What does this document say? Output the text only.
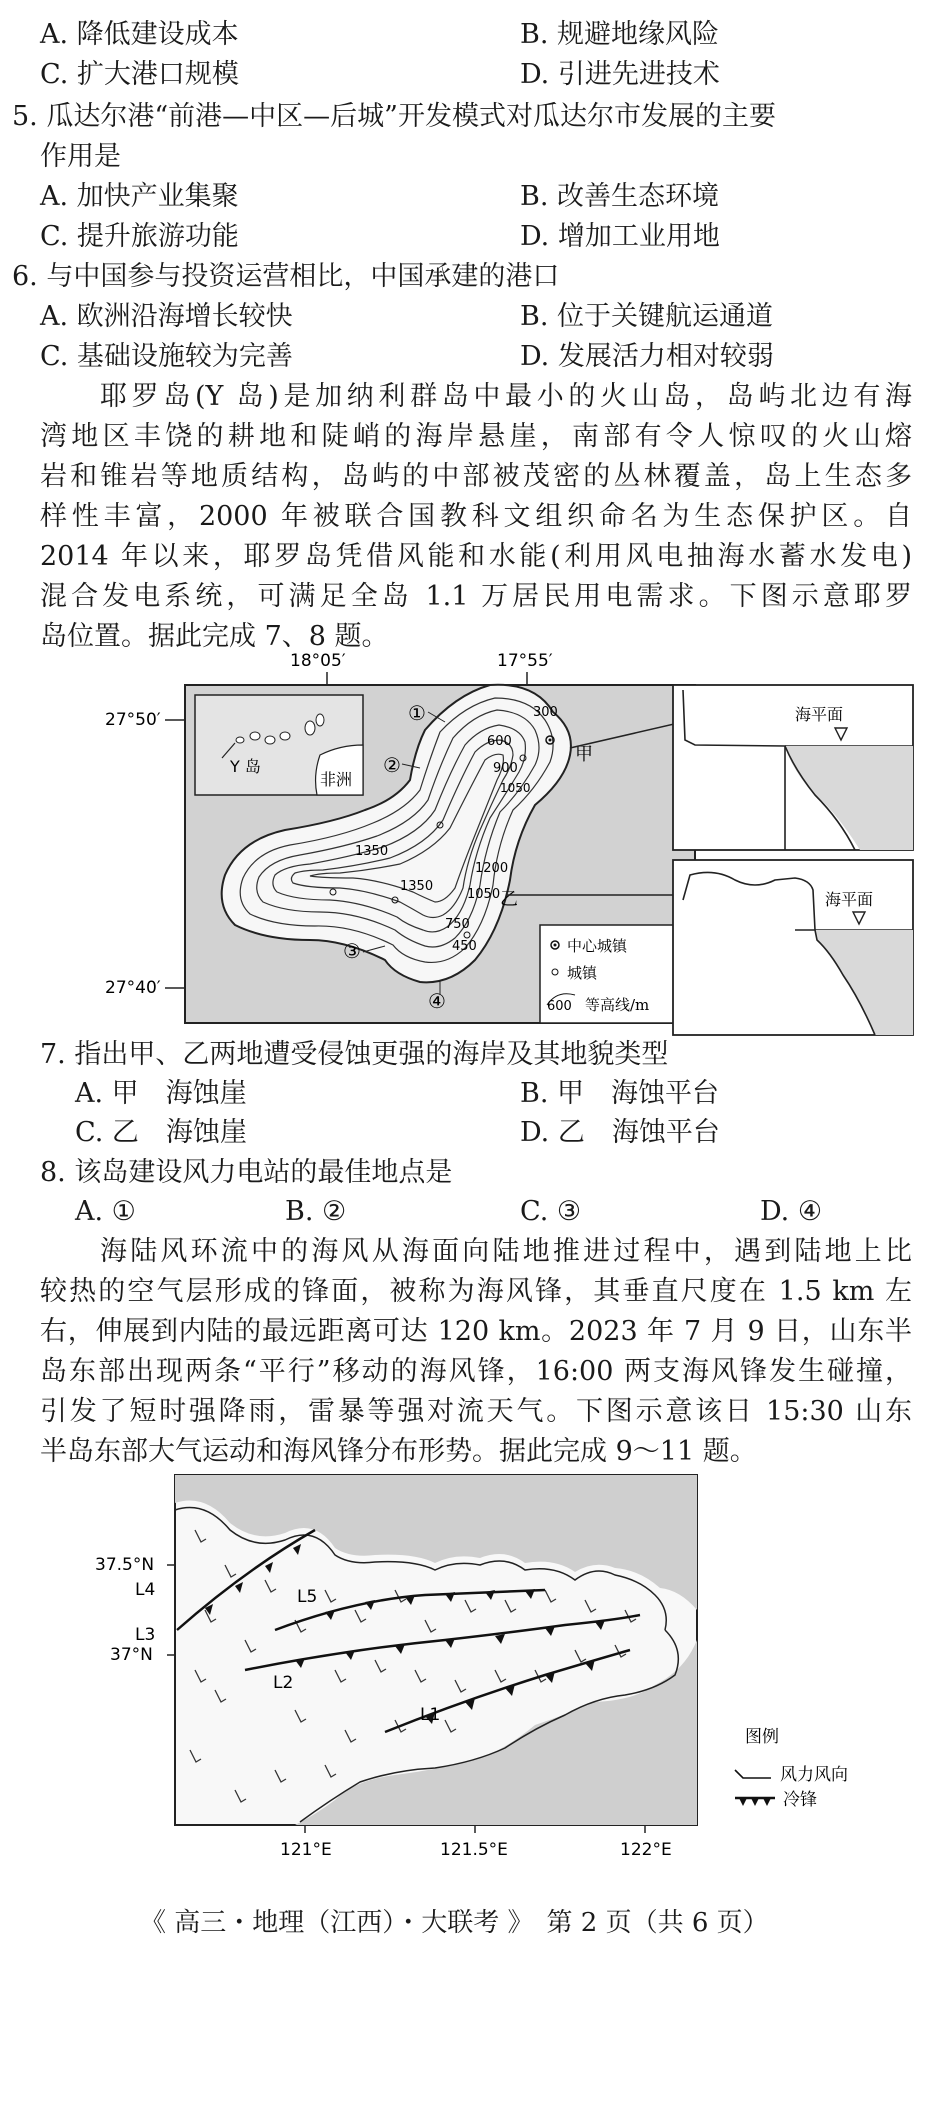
A. 降低建设成本	B. 规避地缘风险
C. 扩大港口规模	D. 引进先进技术
5. 瓜达尔港“前港—中区—后城”开发模式对瓜达尔市发展的主要
作用是
A. 加快产业集聚	B. 改善生态环境
C. 提升旅游功能	D. 增加工业用地
6. 与中国参与投资运营相比，中国承建的港口
A. 欧洲沿海增长较快	B. 位于关键航运通道
C. 基础设施较为完善	D. 发展活力相对较弱
耶罗岛(Y 岛)是加纳利群岛中最小的火山岛，岛屿北边有海
湾地区丰饶的耕地和陡峭的海岸悬崖，南部有令人惊叹的火山熔
岩和锥岩等地质结构，岛屿的中部被茂密的丛林覆盖，岛上生态多
样性丰富，2000 年被联合国教科文组织命名为生态保护区。自
2014 年以来，耶罗岛凭借风能和水能(利用风电抽海水蓄水发电)
混合发电系统，可满足全岛 1.1 万居民用电需求。下图示意耶罗
岛位置。据此完成 7、8 题。
18°05′	17°55′
27°50′
27°40′
Y 岛
非洲
300
600
900
1050
1350
1200
1050
1350
750
450
①
②
③
④
甲
乙
中心城镇
城镇
600 等高线/m
海平面
海平面
7. 指出甲、乙两地遭受侵蚀更强的海岸及其地貌类型
A. 甲　海蚀崖	B. 甲　海蚀平台
C. 乙　海蚀崖	D. 乙　海蚀平台
8. 该岛建设风力电站的最佳地点是
A. ①	B. ②	C. ③	D. ④
海陆风环流中的海风从海面向陆地推进过程中，遇到陆地上比
较热的空气层形成的锋面，被称为海风锋，其垂直尺度在 1.5 km 左
右，伸展到内陆的最远距离可达 120 km。2023 年 7 月 9 日，山东半
岛东部出现两条“平行”移动的海风锋，16:00 两支海风锋发生碰撞，
引发了短时强降雨，雷暴等强对流天气。下图示意该日 15:30 山东
半岛东部大气运动和海风锋分布形势。据此完成 9～11 题。
L4	L5
L3
L2
L1
37.5°N
37°N
121°E	121.5°E	122°E
图例
风力风向
冷锋
《 高三・地理（江西）・大联考 》　第 2 页（共 6 页）
